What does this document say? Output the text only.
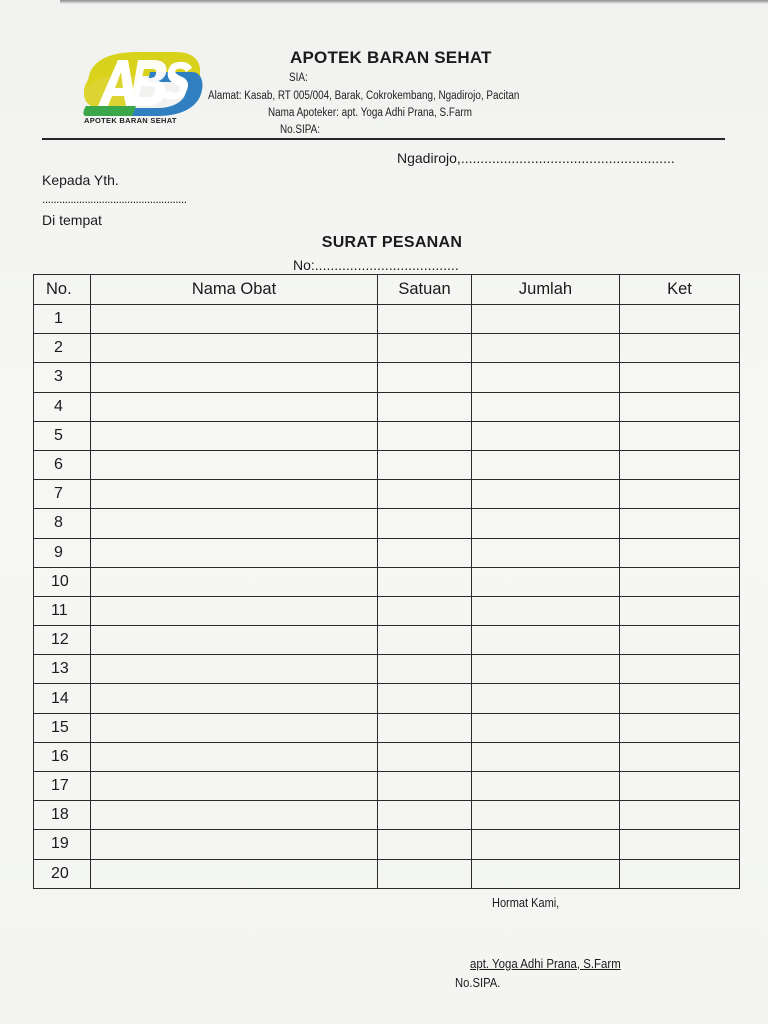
APOTEK BARAN SEHAT
APOTEK BARAN SEHAT
SIA:
Alamat: Kasab, RT 005/004, Barak, Cokrokembang, Ngadirojo, Pacitan
Nama Apoteker: apt. Yoga Adhi Prana, S.Farm
No.SIPA:
Ngadirojo,.......................................................
Kepada Yth.
...................................................
Di tempat
SURAT PESANAN
No:.....................................
No.	Nama Obat	Satuan	Jumlah	Ket
1				
2				
3				
4				
5				
6				
7				
8				
9				
10				
11				
12				
13				
14				
15				
16				
17				
18				
19				
20				
Hormat Kami,
apt. Yoga Adhi Prana, S.Farm
No.SIPA.
